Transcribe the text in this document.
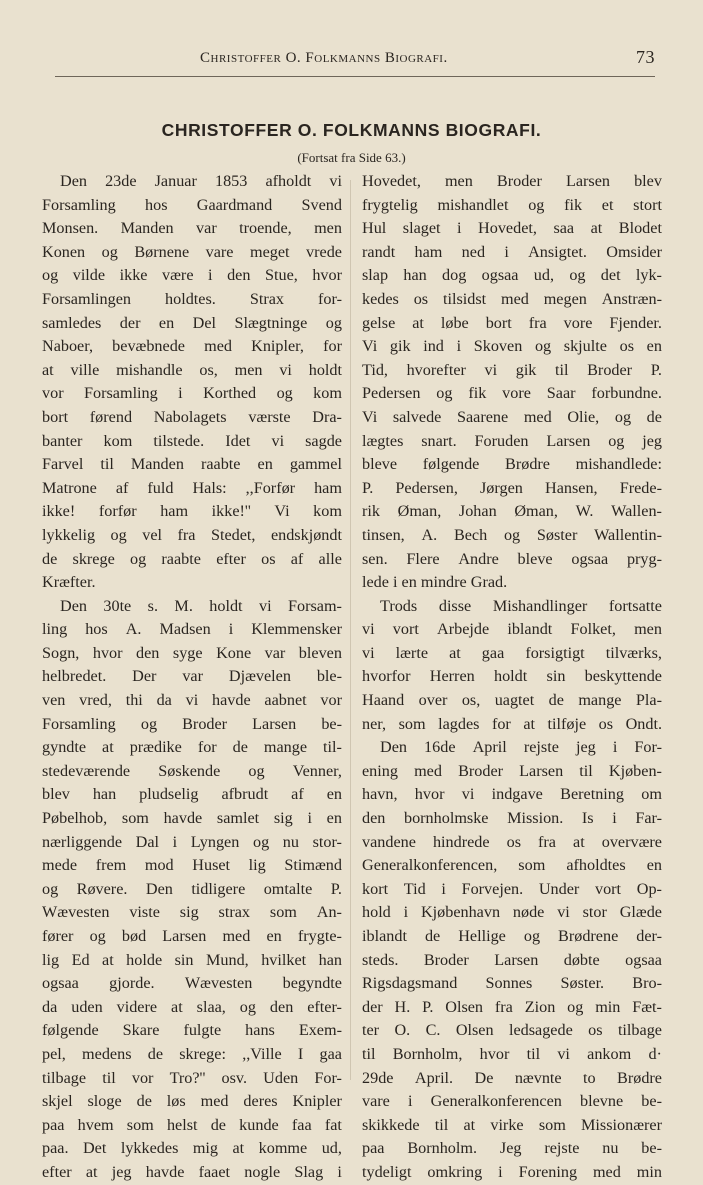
Christoffer O. Folkmanns Biografi.	73
CHRISTOFFER O. FOLKMANNS BIOGRAFI.
(Fortsat fra Side 63.)
Den 23de Januar 1853 afholdt vi
Forsamling hos Gaardmand Svend
Monsen. Manden var troende, men
Konen og Børnene vare meget vrede
og vilde ikke være i den Stue, hvor
Forsamlingen holdtes. Strax for-
samledes der en Del Slægtninge og
Naboer, bevæbnede med Knipler, for
at ville mishandle os, men vi holdt
vor Forsamling i Korthed og kom
bort førend Nabolagets værste Dra-
banter kom tilstede. Idet vi sagde
Farvel til Manden raabte en gammel
Matrone af fuld Hals: ,,Forfør ham
ikke! forfør ham ikke!'' Vi kom
lykkelig og vel fra Stedet, endskjøndt
de skrege og raabte efter os af alle
Kræfter.
Den 30te s. M. holdt vi Forsam-
ling hos A. Madsen i Klemmensker
Sogn, hvor den syge Kone var bleven
helbredet. Der var Djævelen ble-
ven vred, thi da vi havde aabnet vor
Forsamling og Broder Larsen be-
gyndte at prædike for de mange til-
stedeværende Søskende og Venner,
blev han pludselig afbrudt af en
Pøbelhob, som havde samlet sig i en
nærliggende Dal i Lyngen og nu stor-
mede frem mod Huset lig Stimænd
og Røvere. Den tidligere omtalte P.
Wævesten viste sig strax som An-
fører og bød Larsen med en frygte-
lig Ed at holde sin Mund, hvilket han
ogsaa gjorde. Wævesten begyndte
da uden videre at slaa, og den efter-
følgende Skare fulgte hans Exem-
pel, medens de skrege: ,,Ville I gaa
tilbage til vor Tro?'' osv. Uden For-
skjel sloge de løs med deres Knipler
paa hvem som helst de kunde faa fat
paa. Det lykkedes mig at komme ud,
efter at jeg havde faaet nogle Slag i
Hovedet, men Broder Larsen blev
frygtelig mishandlet og fik et stort
Hul slaget i Hovedet, saa at Blodet
randt ham ned i Ansigtet. Omsider
slap han dog ogsaa ud, og det lyk-
kedes os tilsidst med megen Anstræn-
gelse at løbe bort fra vore Fjender.
Vi gik ind i Skoven og skjulte os en
Tid, hvorefter vi gik til Broder P.
Pedersen og fik vore Saar forbundne.
Vi salvede Saarene med Olie, og de
lægtes snart. Foruden Larsen og jeg
bleve følgende Brødre mishandlede:
P. Pedersen, Jørgen Hansen, Frede-
rik Øman, Johan Øman, W. Wallen-
tinsen, A. Bech og Søster Wallentin-
sen. Flere Andre bleve ogsaa pryg-
lede i en mindre Grad.
Trods disse Mishandlinger fortsatte
vi vort Arbejde iblandt Folket, men
vi lærte at gaa forsigtigt tilværks,
hvorfor Herren holdt sin beskyttende
Haand over os, uagtet de mange Pla-
ner, som lagdes for at tilføje os Ondt.
Den 16de April rejste jeg i For-
ening med Broder Larsen til Kjøben-
havn, hvor vi indgave Beretning om
den bornholmske Mission. Is i Far-
vandene hindrede os fra at overvære
Generalkonferencen, som afholdtes en
kort Tid i Forvejen. Under vort Op-
hold i Kjøbenhavn nøde vi stor Glæde
iblandt de Hellige og Brødrene der-
steds. Broder Larsen døbte ogsaa
Rigsdagsmand Sonnes Søster. Bro-
der H. P. Olsen fra Zion og min Fæt-
ter O. C. Olsen ledsagede os tilbage
til Bornholm, hvor til vi ankom d·
29de April. De nævnte to Brødre
vare i Generalkonferencen blevne be-
skikkede til at virke som Missionærer
paa Bornholm. Jeg rejste nu be-
tydeligt omkring i Forening med min
